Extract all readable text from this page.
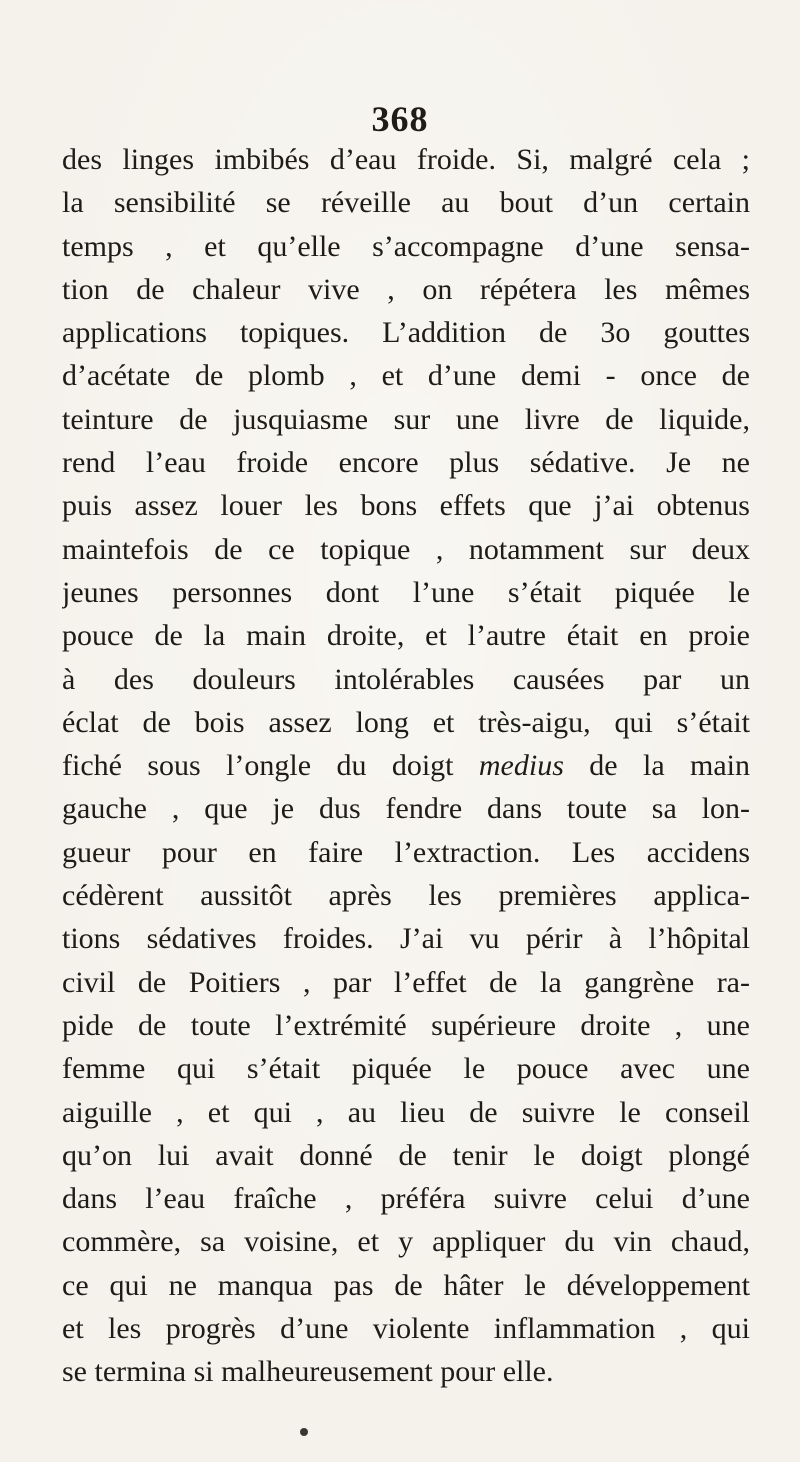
368

des linges imbibés d’eau froide. Si, malgré cela ;
la sensibilité se réveille au bout d’un certain
temps , et qu’elle s’accompagne d’une sensa-
tion de chaleur vive , on répétera les mêmes
applications topiques. L’addition de 3o gouttes
d’acétate de plomb , et d’une demi - once de
teinture de jusquiasme sur une livre de liquide,
rend l’eau froide encore plus sédative. Je ne
puis assez louer les bons effets que j’ai obtenus
maintefois de ce topique , notamment sur deux
jeunes personnes dont l’une s’était piquée le
pouce de la main droite, et l’autre était en proie
à des douleurs intolérables causées par un
éclat de bois assez long et très-aigu, qui s’était
fiché sous l’ongle du doigt medius de la main
gauche , que je dus fendre dans toute sa lon-
gueur pour en faire l’extraction. Les accidens
cédèrent aussitôt après les premières applica-
tions sédatives froides. J’ai vu périr à l’hôpital
civil de Poitiers , par l’effet de la gangrène ra-
pide de toute l’extrémité supérieure droite , une
femme qui s’était piquée le pouce avec une
aiguille , et qui , au lieu de suivre le conseil
qu’on lui avait donné de tenir le doigt plongé
dans l’eau fraîche , préféra suivre celui d’une
commère, sa voisine, et y appliquer du vin chaud,
ce qui ne manqua pas de hâter le développement
et les progrès d’une violente inflammation , qui
se termina si malheureusement pour elle.
